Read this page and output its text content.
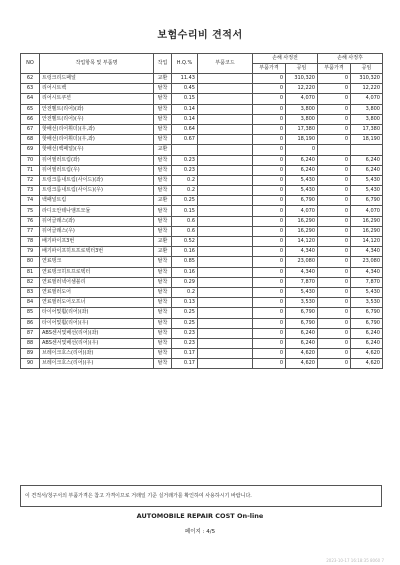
보험수리비 견적서
NO	작업항목 및 부품명	작업	H.Q.%	부품코드	손해 사정전		손해 사정후	
					부품가격	공임	부품가격	공임
62	트렁크리드패널	교환	11.43		0	310,320	0	310,320
63	리어시트백	탈착	0.45		0	12,220	0	12,220
64	리어시트쿠션	탈착	0.15		0	4,070	0	4,070
65	안전벨트(리어)(좌)	탈착	0.14		0	3,800	0	3,800
66	안전벨트(리어)(우)	탈착	0.14		0	3,800	0	3,800
67	핫배선(리어휘더)(우,좌)	탈착	0.64		0	17,380	0	17,380
68	핫배선(리어휘더)(우,좌)	탈착	0.67		0	18,190	0	18,190
69	핫배선(백패널)(우)	교환			0	0		
70	뒤어필러트림(좌)	탈착	0.23		0	6,240	0	6,240
71	뒤어필러트림(우)	탈착	0.23		0	6,240	0	6,240
72	트렁크룸내트림(사이드)(좌)	탈착	0.2		0	5,430	0	5,430
73	트렁크룸내트림(사이드)(우)	탈착	0.2		0	5,430	0	5,430
74	백패널트림	교환	0.25		0	6,790	0	6,790
75	라디오안테나앰프모듈	탈착	0.15		0	4,070	0	4,070
76	뒤어글래스(좌)	탈착	0.6		0	16,290	0	16,290
77	뒤어글래스(우)	탈착	0.6		0	16,290	0	16,290
78	배기파이프3번	교환	0.52		0	14,120	0	14,120
79	배기파이프히트프로텍터3번	교환	0.16		0	4,340	0	4,340
80	연료탱크	탈착	0.85		0	23,080	0	23,080
81	연료탱크히트프로텍터	탈착	0.16		0	4,340	0	4,340
82	연료필러넥어셈블리	탈착	0.29		0	7,870	0	7,870
83	연료필러도어	탈착	0.2		0	5,430	0	5,430
84	연료필러도어오프너	탈착	0.13		0	3,530	0	3,530
85	타이어및휠(리어)(좌)	탈착	0.25		0	6,790	0	6,790
86	타이어및휠(리어)(우)	탈착	0.25		0	6,790	0	6,790
87	ABS센서및배선(리어)(좌)	탈착	0.23		0	6,240	0	6,240
88	ABS센서및배선(리어)(우)	탈착	0.23		0	6,240	0	6,240
89	브레이크호스(리어)(좌)	탈착	0.17		0	4,620	0	4,620
90	브레이크호스(리어)(우)	탈착	0.17		0	4,620	0	4,620
이 견적서/청구서의 부품가격은 참고 가격이므로 거래일 기준 실거래가를 확인하여 사용하시기 바랍니다.
AUTOMOBILE REPAIR COST On-line
페이지 : 4/5
2023-10-17 16:18:35 8060 7
